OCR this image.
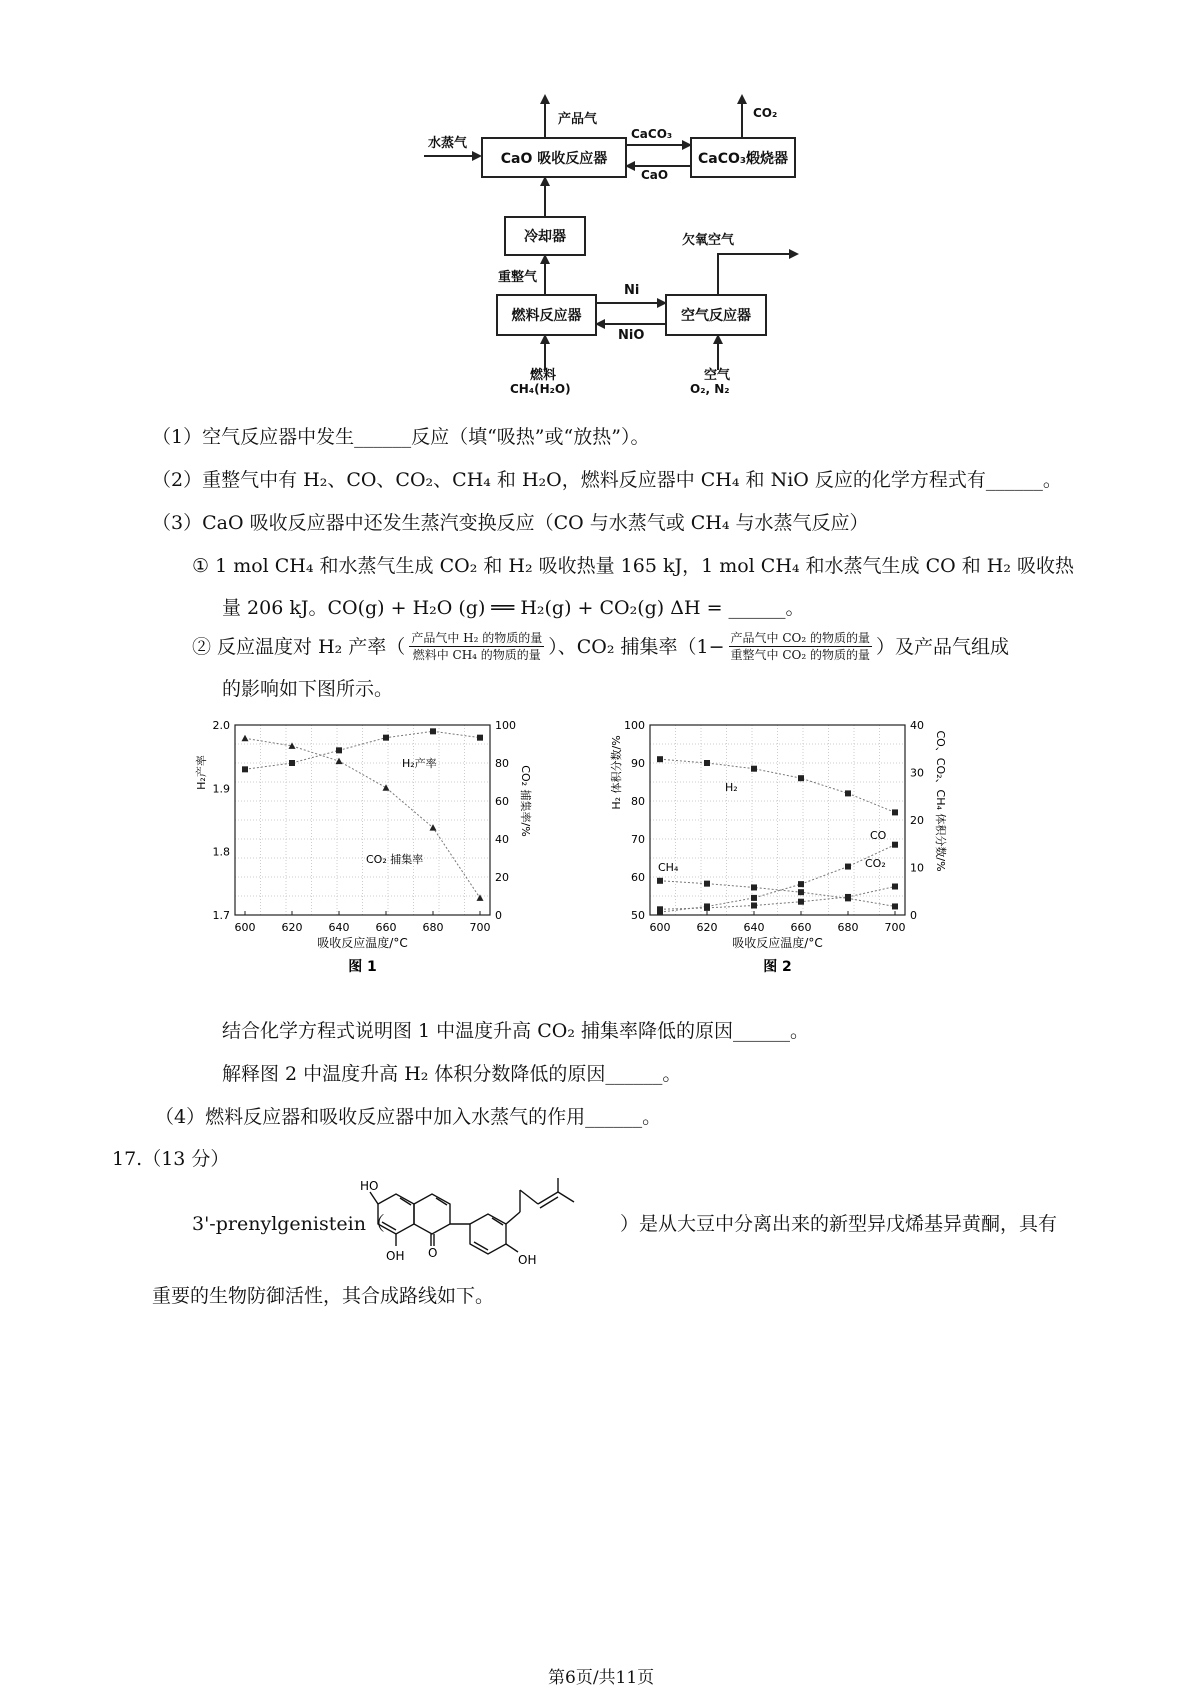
CaO 吸收反应器	CaCO₃煅烧器
冷却器
燃料反应器	空气反应器
水蒸气
产品气	CO₂
CaCO₃
CaO
重整气
Ni
NiO
欠氧空气
燃料
CH₄(H₂O)
空气
O₂, N₂
（1）空气反应器中发生______反应（填“吸热”或“放热”）。
（2）重整气中有 H₂、CO、CO₂、CH₄ 和 H₂O，燃料反应器中 CH₄ 和 NiO 反应的化学方程式有______。
（3）CaO 吸收反应器中还发生蒸汽变换反应（CO 与水蒸气或 CH₄ 与水蒸气反应）
① 1 mol CH₄ 和水蒸气生成 CO₂ 和 H₂ 吸收热量 165 kJ，1 mol CH₄ 和水蒸气生成 CO 和 H₂ 吸收热
量 206 kJ。CO(g) + H₂O (g) ══ H₂(g) + CO₂(g) ΔH = ______。
② 反应温度对 H₂ 产率（ $\frac{\text{产品气中 H₂ 的物质的量}}{\text{燃料中 CH₄ 的物质的量}}$ ）、CO₂ 捕集率（$1- \frac{\text{产品气中 CO₂ 的物质的量}}{\text{重整气中 CO₂ 的物质的量}}$ ）及产品气组成
的影响如下图所示。
600 620 640 660 680 700
1.7
1.8
1.9
2.0
0
20
40
60
80
100
吸收反应温度/°C
H₂产率	CO₂ 捕集率/%
图 1
H₂产率
CO₂ 捕集率
600 620 640 660 680 700
50
60
70
80
90
100
0
10
20
30
40
吸收反应温度/°C
H₂ 体积分数/%	CO、CO₂、CH₄ 体积分数/%
图 2
H₂
CH₄
CO
CO₂
结合化学方程式说明图 1 中温度升高 CO₂ 捕集率降低的原因______。
解释图 2 中温度升高 H₂ 体积分数降低的原因______。
（4）燃料反应器和吸收反应器中加入水蒸气的作用______。
17.（13 分）
3'-prenylgenistein（
HO
OH O	OH
）是从大豆中分离出来的新型异戊烯基异黄酮，具有
重要的生物防御活性，其合成路线如下。
第6页/共11页
